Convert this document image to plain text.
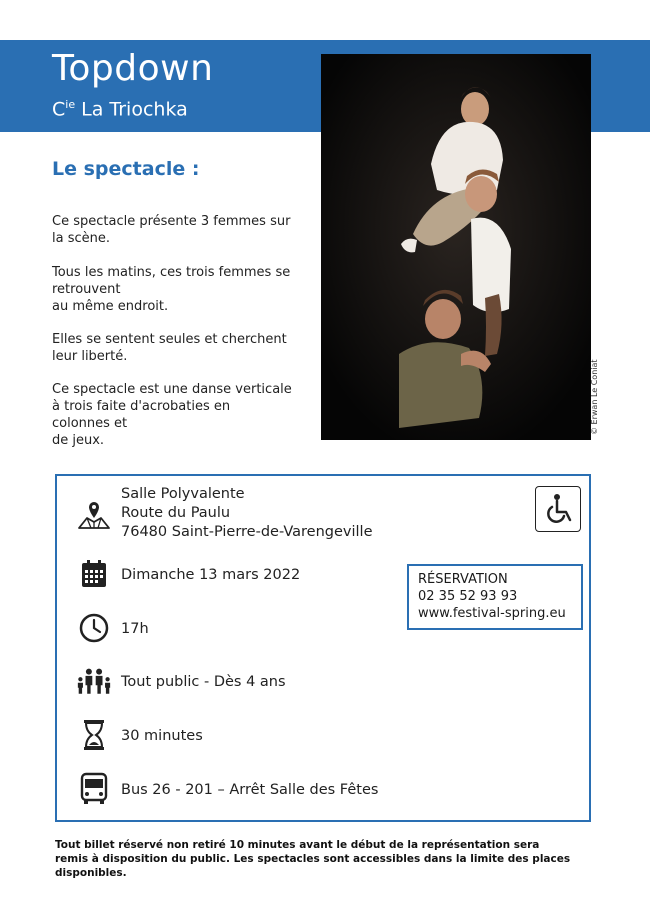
Topdown
$C^{ie}$ La Triochka
© Erwan Le Coniat
Le spectacle :
Ce spectacle présente 3 femmes sur
la scène.
Tous les matins, ces trois femmes se
retrouvent
au même endroit.
Elles se sentent seules et cherchent
leur liberté.
Ce spectacle est une danse verticale
à trois faite d'acrobaties en
colonnes et
de jeux.
Salle Polyvalente
Route du Paulu
76480 Saint-Pierre-de-Varengeville
Dimanche 13 mars 2022	RÉSERVATION
02 35 52 93 93
www.festival-spring.eu
17h
Tout public - Dès 4 ans
30 minutes
Bus 26 - 201 – Arrêt Salle des Fêtes
Tout billet réservé non retiré 10 minutes avant le début de la représentation sera remis à disposition du public. Les spectacles sont accessibles dans la limite des places disponibles.
